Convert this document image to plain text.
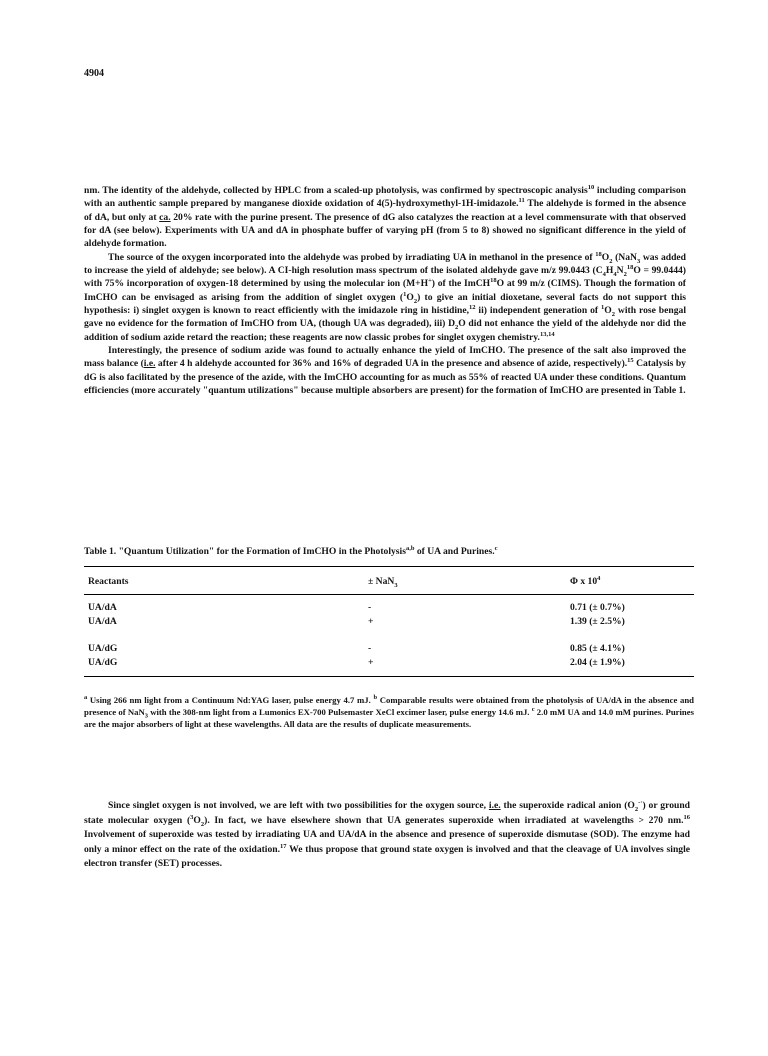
4904

nm. The identity of the aldehyde, collected by HPLC from a scaled-up photolysis, was confirmed by spectroscopic analysis$^{10}$ including comparison with an authentic sample prepared by manganese dioxide oxidation of 4(5)-hydroxymethyl-1H-imidazole.$^{11}$ The aldehyde is formed in the absence of dA, but only at ca. 20% rate with the purine present. The presence of dG also catalyzes the reaction at a level commensurate with that observed for dA (see below). Experiments with UA and dA in phosphate buffer of varying pH (from 5 to 8) showed no significant difference in the yield of aldehyde formation.

The source of the oxygen incorporated into the aldehyde was probed by irradiating UA in methanol in the presence of $^{18}O_2$ (NaN$_3$ was added to increase the yield of aldehyde; see below). A CI-high resolution mass spectrum of the isolated aldehyde gave m/z 99.0443 $(C_4H_4N_2^{18}O = 99.0444)$ with 75% incorporation of oxygen-18 determined by using the molecular ion (M+H+) of the ImCH$^{18}$O at 99 m/z (CIMS). Though the formation of ImCHO can be envisaged as arising from the addition of singlet oxygen $(^1O_2)$ to give an initial dioxetane, several facts do not support this hypothesis: i) singlet oxygen is known to react efficiently with the imidazole ring in histidine,$^{12}$ ii) independent generation of $^1O_2$ with rose bengal gave no evidence for the formation of ImCHO from UA, (though UA was degraded), iii) $D_2O$ did not enhance the yield of the aldehyde nor did the addition of sodium azide retard the reaction; these reagents are now classic probes for singlet oxygen chemistry.$^{13,14}$

Interestingly, the presence of sodium azide was found to actually enhance the yield of ImCHO. The presence of the salt also improved the mass balance (i.e. after 4 h aldehyde accounted for 36% and 16% of degraded UA in the presence and absence of azide, respectively).$^{15}$ Catalysis by dG is also facilitated by the presence of the azide, with the ImCHO accounting for as much as 55% of reacted UA under these conditions. Quantum efficiencies (more accurately "quantum utilizations" because multiple absorbers are present) for the formation of ImCHO are presented in Table 1.

Table 1. "Quantum Utilization" for the Formation of ImCHO in the Photolysis$^{a,b}$ of UA and Purines.$^c$
Reactants	± NaN$_3$	Φ x $10^4$
UA/dA	-	0.71 (± 0.7%)
UA/dA	+	1.39 (± 2.5%)
UA/dG	-	0.85 (± 4.1%)
UA/dG	+	2.04 (± 1.9%)
$^a$ Using 266 nm light from a Continuum Nd:YAG laser, pulse energy 4.7 mJ. $^b$ Comparable results were obtained from the photolysis of UA/dA in the absence and presence of NaN$_3$ with the 308-nm light from a Lumonics EX-700 Pulsemaster XeCl excimer laser, pulse energy 14.6 mJ. $^c$ 2.0 mM UA and 14.0 mM purines. Purines are the major absorbers of light at these wavelengths. All data are the results of duplicate measurements.

Since singlet oxygen is not involved, we are left with two possibilities for the oxygen source, i.e. the superoxide radical anion $(O_2^{-\cdot})$ or ground state molecular oxygen $(^3O_2)$. In fact, we have elsewhere shown that UA generates superoxide when irradiated at wavelengths > 270 nm.$^{16}$ Involvement of superoxide was tested by irradiating UA and UA/dA in the absence and presence of superoxide dismutase (SOD). The enzyme had only a minor effect on the rate of the oxidation.$^{17}$ We thus propose that ground state oxygen is involved and that the cleavage of UA involves single electron transfer (SET) processes.
